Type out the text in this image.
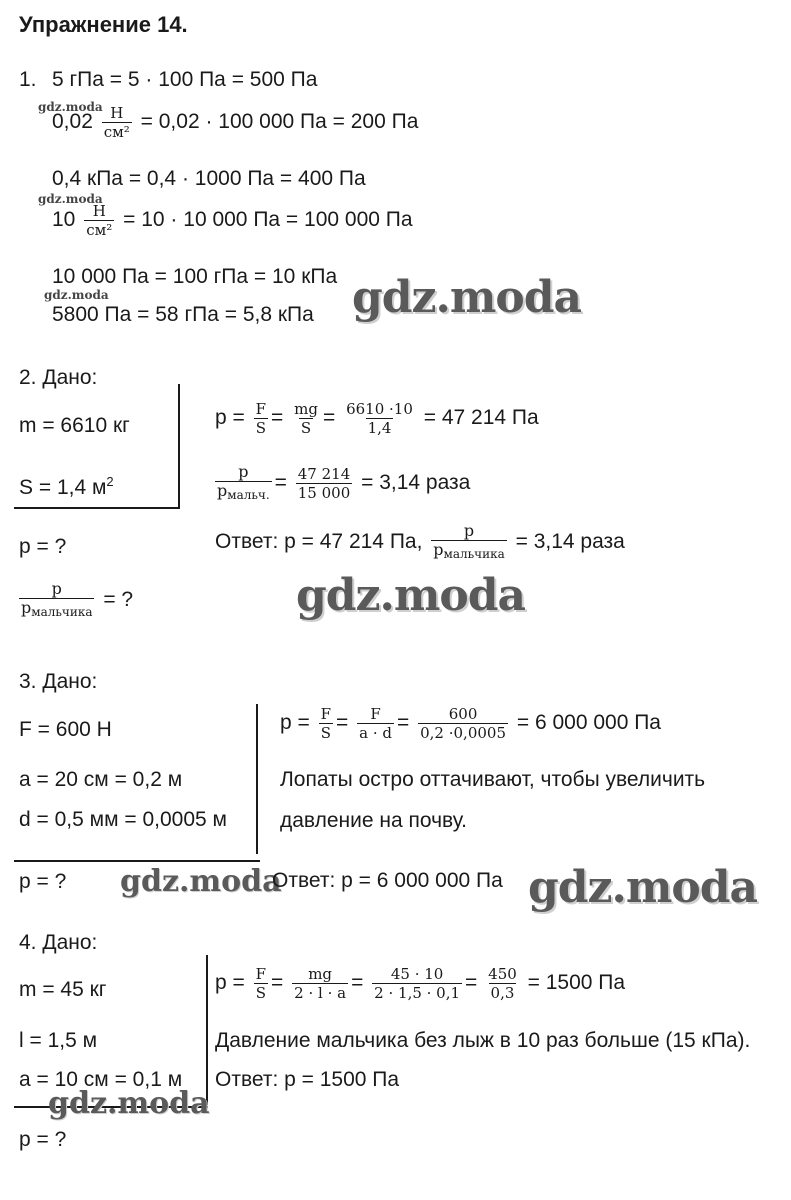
Упражнение 14.
1. 5 гПа = 5 · 100 Па = 500 Па
gdz.moda
$0,02 \frac{Н}{\text{см²}} = 0,02 \cdot 100$ 000 Па = 200 Па
0,4 кПа = 0,4 · 1000 Па = 400 Па
gdz.moda
$10 \frac{Н}{\text{см²}} = 10 \cdot 10$ 000 Па = 100 000 Па
10 000 Па = 100 гПа = 10 кПа
gdz.moda	gdz.moda
5800 Па = 58 гПа = 5,8 кПа
2. Дано:
m = 6610 кг
S = 1,4 $м^2$
p = ?
$\frac{p}{p_{мальчика}}$ = ?
$p = \frac{F}{S} = \frac{mg}{S} = \frac{6610 \cdot 10}{1,4} = 47$ 214 Па
$\frac{p}{p_{мальч.}} = \frac{47 214}{15 000} = 3,14$ раза
Ответ: p = 47 214 Па, $\frac{p}{p_{мальчика}} = 3,14$ раза
gdz.moda
3. Дано:
F = 600 Н
a = 20 см = 0,2 м
d = 0,5 мм = 0,0005 м
p = ? gdz.moda
$p = \frac{F}{S} = \frac{F}{a \cdot d} = \frac{600}{0,2 \cdot 0,0005} = 6$ 000 000 Па
Лопаты остро оттачивают, чтобы увеличить
давление на почву.
Ответ: p = 6 000 000 Па gdz.moda
4. Дано:
m = 45 кг
l = 1,5 м
a = 10 см = 0,1 м
gdz.moda
p = ?
$p = \frac{F}{S} = \frac{mg}{2 \cdot l \cdot a} = \frac{45 \cdot 10}{2 \cdot 1,5 \cdot 0,1} = \frac{450}{0,3} = 1500$ Па
Давление мальчика без лыж в 10 раз больше (15 кПа).
Ответ: p = 1500 Па
